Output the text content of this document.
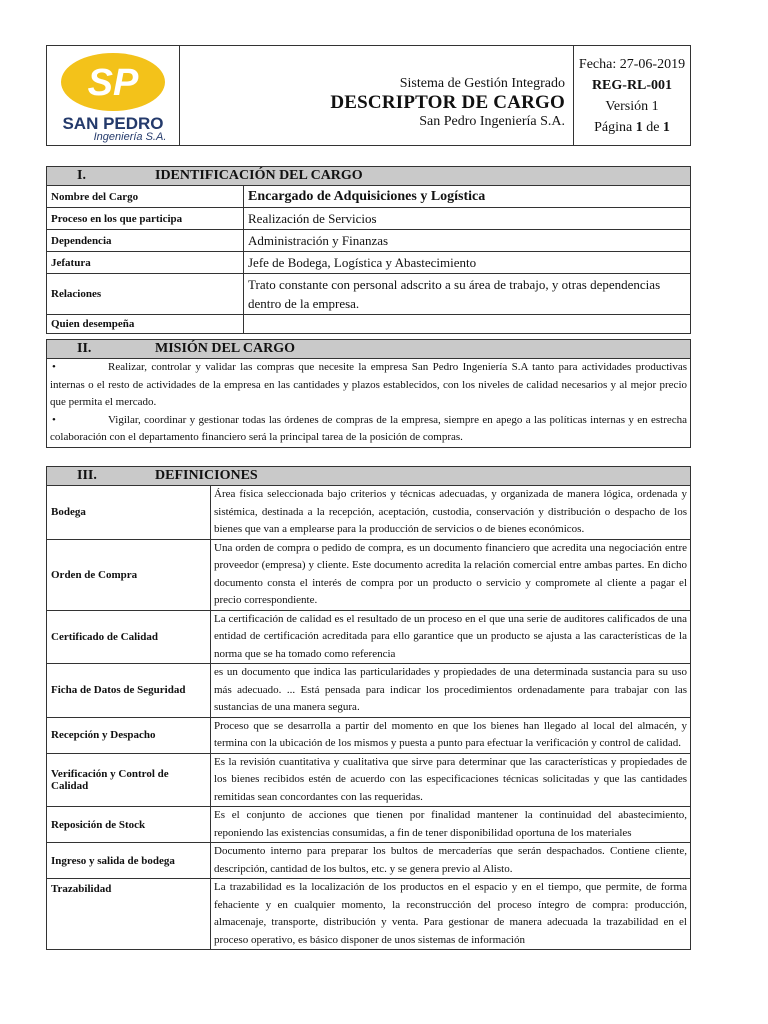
SP
SAN PEDRO
Ingeniería S.A.

Sistema de Gestión Integrado
DESCRIPTOR DE CARGO
San Pedro Ingeniería S.A.

Fecha: 27-06-2019
REG-RL-001
Versión 1
Página 1 de 1
I. IDENTIFICACIÓN DEL CARGO	
Nombre del Cargo	Encargado de Adquisiciones y Logística
Proceso en los que participa	Realización de Servicios
Dependencia	Administración y Finanzas
Jefatura	Jefe de Bodega, Logística y Abastecimiento
Relaciones	Trato constante con personal adscrito a su área de trabajo, y otras dependencias dentro de la empresa.
Quien desempeña	
II.	MISIÓN DEL CARGO

•	Realizar, controlar y validar las compras que necesite la empresa San Pedro Ingeniería S.A tanto para actividades productivas internas o el resto de actividades de la empresa en las cantidades y plazos establecidos, con los niveles de calidad necesarios y al mejor precio que permita el mercado.
•	Vigilar, coordinar y gestionar todas las órdenes de compras de la empresa, siempre en apego a las políticas internas y en estrecha colaboración con el departamento financiero será la principal tarea de la posición de compras.
III. DEFINICIONES	
Bodega	Área física seleccionada bajo criterios y técnicas adecuadas, y organizada de manera lógica, ordenada y sistémica, destinada a la recepción, aceptación, custodia, conservación y distribución o despacho de los bienes que van a emplearse para la producción de servicios o de bienes económicos.
Orden de Compra	Una orden de compra o pedido de compra, es un documento financiero que acredita una negociación entre proveedor (empresa) y cliente. Este documento acredita la relación comercial entre ambas partes. En dicho documento consta el interés de compra por un producto o servicio y compromete al cliente a pagar el precio correspondiente.
Certificado de Calidad	La certificación de calidad es el resultado de un proceso en el que una serie de auditores calificados de una entidad de certificación acreditada para ello garantice que un producto se ajusta a las características de la norma que se ha tomado como referencia
Ficha de Datos de Seguridad	es un documento que indica las particularidades y propiedades de una determinada sustancia para su uso más adecuado. ... Está pensada para indicar los procedimientos ordenadamente para trabajar con las sustancias de una manera segura.
Recepción y Despacho	Proceso que se desarrolla a partir del momento en que los bienes han llegado al local del almacén, y termina con la ubicación de los mismos y puesta a punto para efectuar la verificación y control de calidad.
Verificación y Control de Calidad	Es la revisión cuantitativa y cualitativa que sirve para determinar que las características y propiedades de los bienes recibidos estén de acuerdo con las especificaciones técnicas solicitadas y que las cantidades remitidas sean concordantes con las requeridas.
Reposición de Stock	Es el conjunto de acciones que tienen por finalidad mantener la continuidad del abastecimiento, reponiendo las existencias consumidas, a fin de tener disponibilidad oportuna de los materiales
Ingreso y salida de bodega	Documento interno para preparar los bultos de mercaderías que serán despachados. Contiene cliente, descripción, cantidad de los bultos, etc. y se genera previo al Alisto.
Trazabilidad	La trazabilidad es la localización de los productos en el espacio y en el tiempo, que permite, de forma fehaciente y en cualquier momento, la reconstrucción del proceso íntegro de compra: producción, almacenaje, transporte, distribución y venta. Para gestionar de manera adecuada la trazabilidad en el proceso operativo, es básico disponer de unos sistemas de información
